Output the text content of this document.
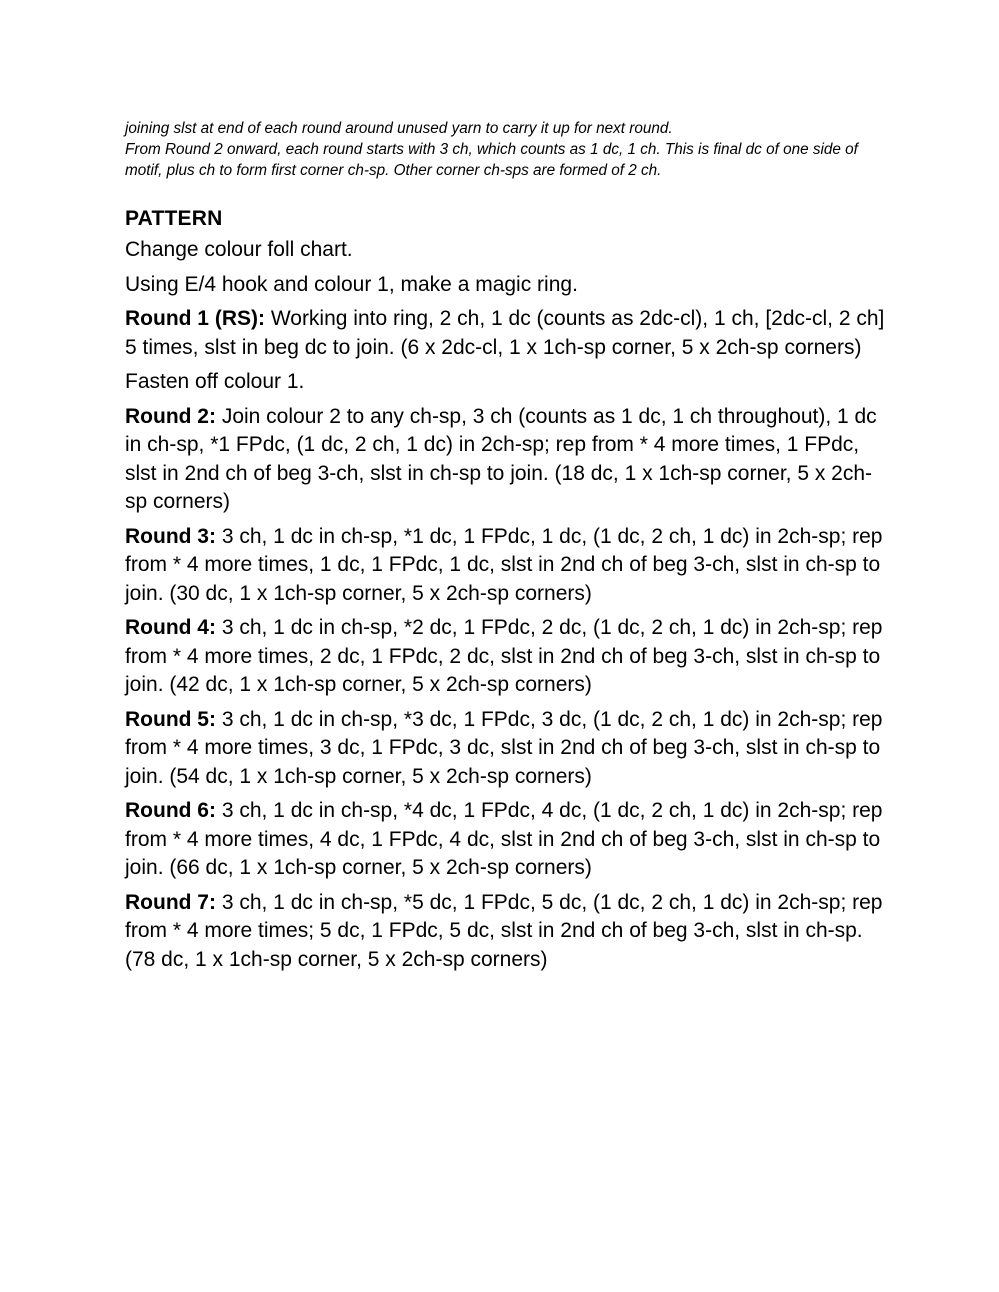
joining slst at end of each round around unused yarn to carry it up for next round.

From Round 2 onward, each round starts with 3 ch, which counts as 1 dc, 1 ch. This is final dc of one side of motif, plus ch to form first corner ch-sp. Other corner ch-sps are formed of 2 ch.

PATTERN

Change colour foll chart.

Using E/4 hook and colour 1, make a magic ring.

Round 1 (RS): Working into ring, 2 ch, 1 dc (counts as 2dc-cl), 1 ch, [2dc-cl, 2 ch] 5 times, slst in beg dc to join. (6 x 2dc-cl, 1 x 1ch-sp corner, 5 x 2ch-sp corners)

Fasten off colour 1.

Round 2: Join colour 2 to any ch-sp, 3 ch (counts as 1 dc, 1 ch throughout), 1 dc in ch-sp, *1 FPdc, (1 dc, 2 ch, 1 dc) in 2ch-sp; rep from * 4 more times, 1 FPdc, slst in 2nd ch of beg 3-ch, slst in ch-sp to join. (18 dc, 1 x 1ch-sp corner, 5 x 2ch-sp corners)

Round 3: 3 ch, 1 dc in ch-sp, *1 dc, 1 FPdc, 1 dc, (1 dc, 2 ch, 1 dc) in 2ch-sp; rep from * 4 more times, 1 dc, 1 FPdc, 1 dc, slst in 2nd ch of beg 3-ch, slst in ch-sp to join. (30 dc, 1 x 1ch-sp corner, 5 x 2ch-sp corners)

Round 4: 3 ch, 1 dc in ch-sp, *2 dc, 1 FPdc, 2 dc, (1 dc, 2 ch, 1 dc) in 2ch-sp; rep from * 4 more times, 2 dc, 1 FPdc, 2 dc, slst in 2nd ch of beg 3-ch, slst in ch-sp to join. (42 dc, 1 x 1ch-sp corner, 5 x 2ch-sp corners)

Round 5: 3 ch, 1 dc in ch-sp, *3 dc, 1 FPdc, 3 dc, (1 dc, 2 ch, 1 dc) in 2ch-sp; rep from * 4 more times, 3 dc, 1 FPdc, 3 dc, slst in 2nd ch of beg 3-ch, slst in ch-sp to join. (54 dc, 1 x 1ch-sp corner, 5 x 2ch-sp corners)

Round 6: 3 ch, 1 dc in ch-sp, *4 dc, 1 FPdc, 4 dc, (1 dc, 2 ch, 1 dc) in 2ch-sp; rep from * 4 more times, 4 dc, 1 FPdc, 4 dc, slst in 2nd ch of beg 3-ch, slst in ch-sp to join. (66 dc, 1 x 1ch-sp corner, 5 x 2ch-sp corners)

Round 7: 3 ch, 1 dc in ch-sp, *5 dc, 1 FPdc, 5 dc, (1 dc, 2 ch, 1 dc) in 2ch-sp; rep from * 4 more times; 5 dc, 1 FPdc, 5 dc, slst in 2nd ch of beg 3-ch, slst in ch-sp. (78 dc, 1 x 1ch-sp corner, 5 x 2ch-sp corners)
